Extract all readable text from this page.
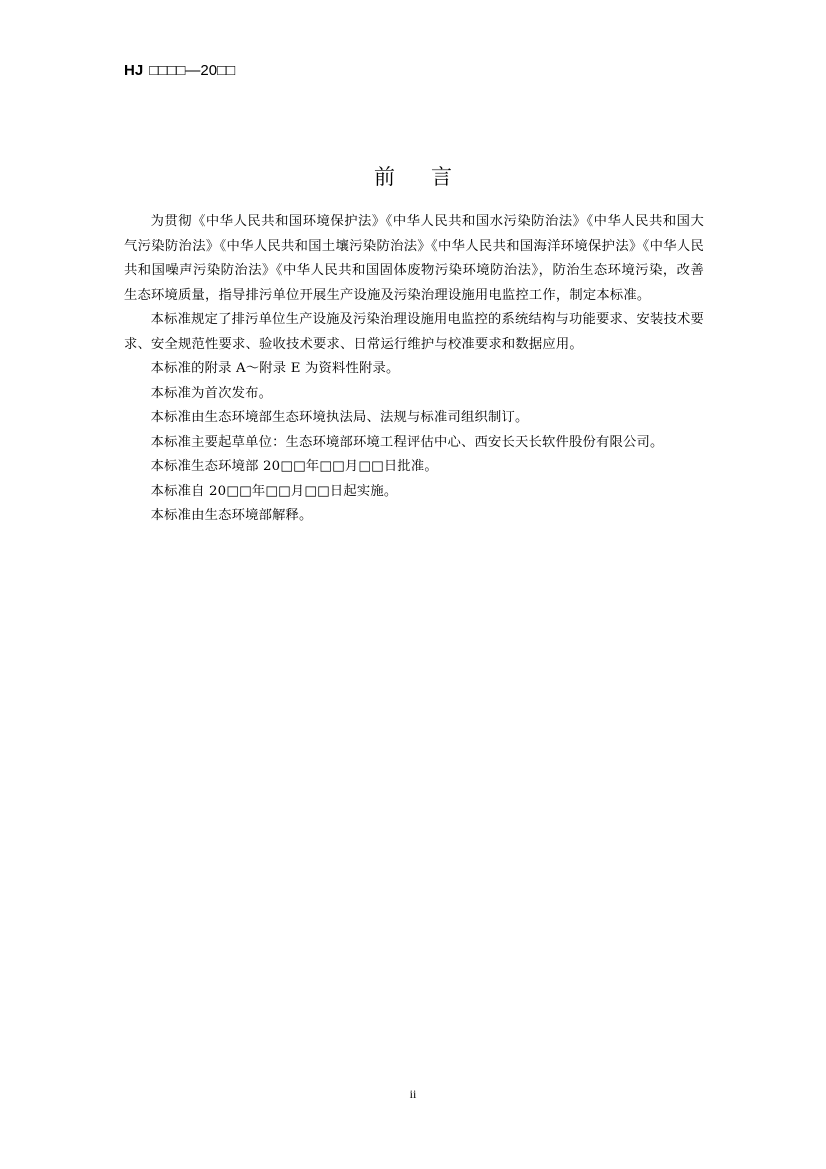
HJ □□□□—20□□
前言

为贯彻《中华人民共和国环境保护法》《中华人民共和国水污染防治法》《中华人民共和国大气污染防治法》《中华人民共和国土壤污染防治法》《中华人民共和国海洋环境保护法》《中华人民共和国噪声污染防治法》《中华人民共和国固体废物污染环境防治法》，防治生态环境污染，改善生态环境质量，指导排污单位开展生产设施及污染治理设施用电监控工作，制定本标准。

本标准规定了排污单位生产设施及污染治理设施用电监控的系统结构与功能要求、安装技术要求、安全规范性要求、验收技术要求、日常运行维护与校准要求和数据应用。

本标准的附录 A～附录 E 为资料性附录。

本标准为首次发布。

本标准由生态环境部生态环境执法局、法规与标准司组织制订。

本标准主要起草单位：生态环境部环境工程评估中心、西安长天长软件股份有限公司。

本标准生态环境部 20□□年□□月□□日批准。

本标准自 20□□年□□月□□日起实施。

本标准由生态环境部解释。

ii
